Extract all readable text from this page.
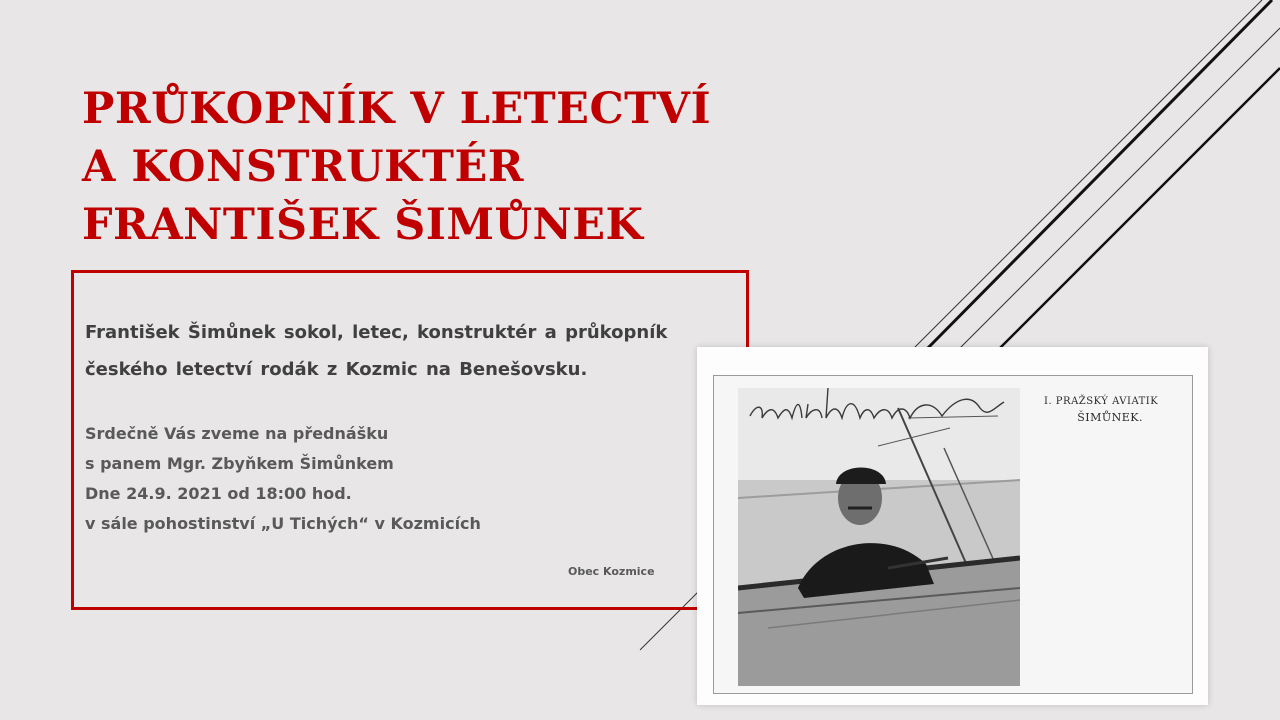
PRŮKOPNÍK V LETECTVÍ
A KONSTRUKTÉR
FRANTIŠEK ŠIMŮNEK

František Šimůnek sokol, letec, konstruktér a průkopník
českého letectví rodák z Kozmic na Benešovsku.

Srdečně Vás zveme na přednášku
s panem Mgr. Zbyňkem Šimůnkem
Dne 24.9. 2021 od 18:00 hod.
v sále pohostinství „U Tichých“ v Kozmicích

Obec Kozmice
I. PRAŽSKÝ AVIATIK
ŠIMŮNEK.
